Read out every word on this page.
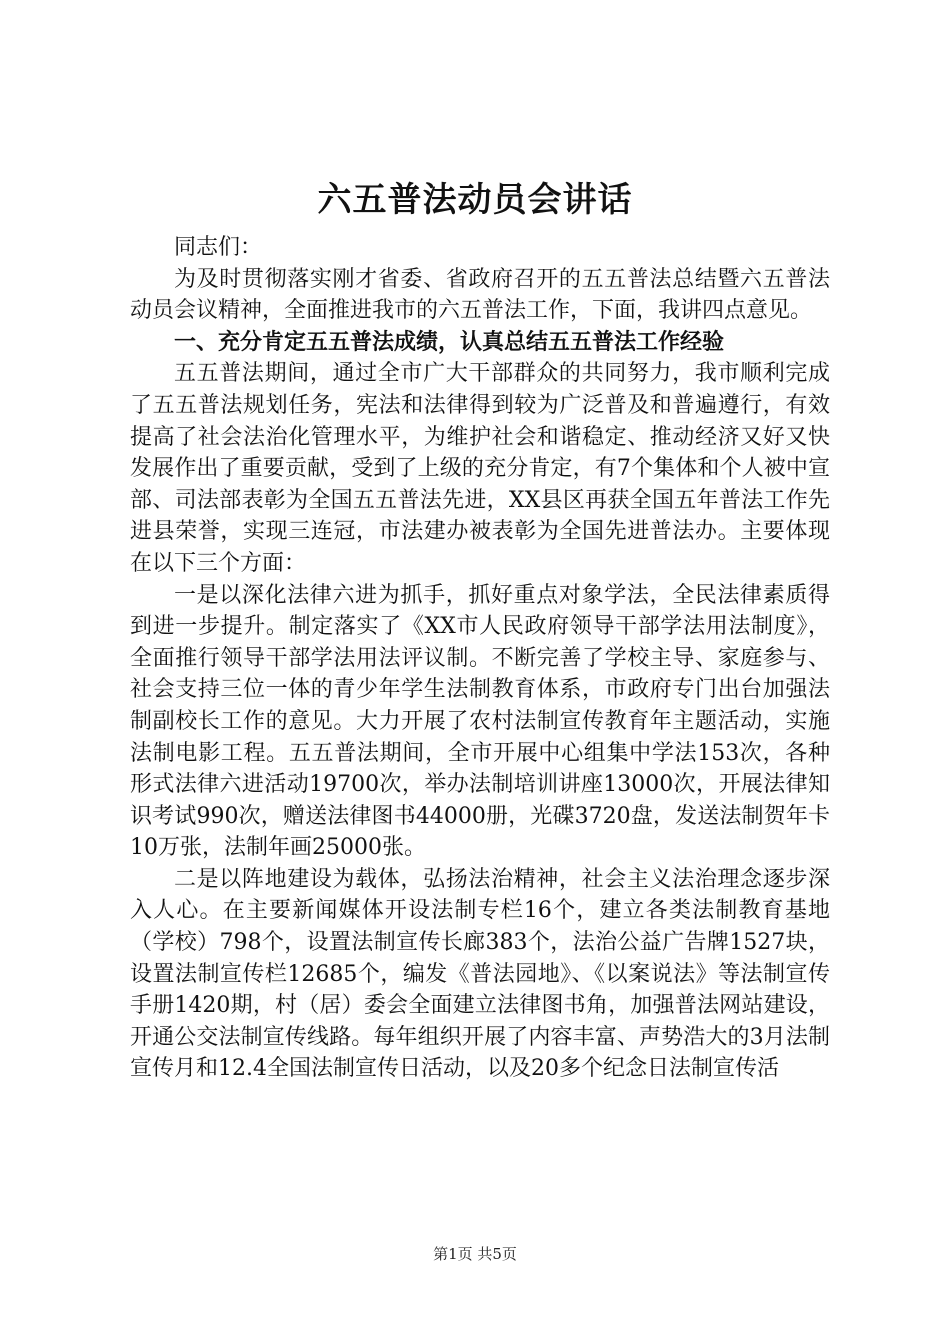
六五普法动员会讲话

同志们：

为及时贯彻落实刚才省委、省政府召开的五五普法总结暨六五普法动员会议精神，全面推进我市的六五普法工作，下面，我讲四点意见。

一、充分肯定五五普法成绩，认真总结五五普法工作经验

五五普法期间，通过全市广大干部群众的共同努力，我市顺利完成了五五普法规划任务，宪法和法律得到较为广泛普及和普遍遵行，有效提高了社会法治化管理水平，为维护社会和谐稳定、推动经济又好又快发展作出了重要贡献，受到了上级的充分肯定，有7个集体和个人被中宣部、司法部表彰为全国五五普法先进，XX县区再获全国五年普法工作先进县荣誉，实现三连冠，市法建办被表彰为全国先进普法办。主要体现在以下三个方面：

一是以深化法律六进为抓手，抓好重点对象学法，全民法律素质得到进一步提升。制定落实了《XX市人民政府领导干部学法用法制度》，全面推行领导干部学法用法评议制。不断完善了学校主导、家庭参与、社会支持三位一体的青少年学生法制教育体系，市政府专门出台加强法制副校长工作的意见。大力开展了农村法制宣传教育年主题活动，实施法制电影工程。五五普法期间，全市开展中心组集中学法153次，各种形式法律六进活动19700次，举办法制培训讲座13000次，开展法律知识考试990次，赠送法律图书44000册，光碟3720盘，发送法制贺年卡10万张，法制年画25000张。

二是以阵地建设为载体，弘扬法治精神，社会主义法治理念逐步深入人心。在主要新闻媒体开设法制专栏16个，建立各类法制教育基地（学校）798个，设置法制宣传长廊383个，法治公益广告牌1527块，设置法制宣传栏12685个，编发《普法园地》、《以案说法》等法制宣传手册1420期，村（居）委会全面建立法律图书角，加强普法网站建设，开通公交法制宣传线路。每年组织开展了内容丰富、声势浩大的3月法制宣传月和12.4全国法制宣传日活动，以及20多个纪念日法制宣传活

第1页 共5页
